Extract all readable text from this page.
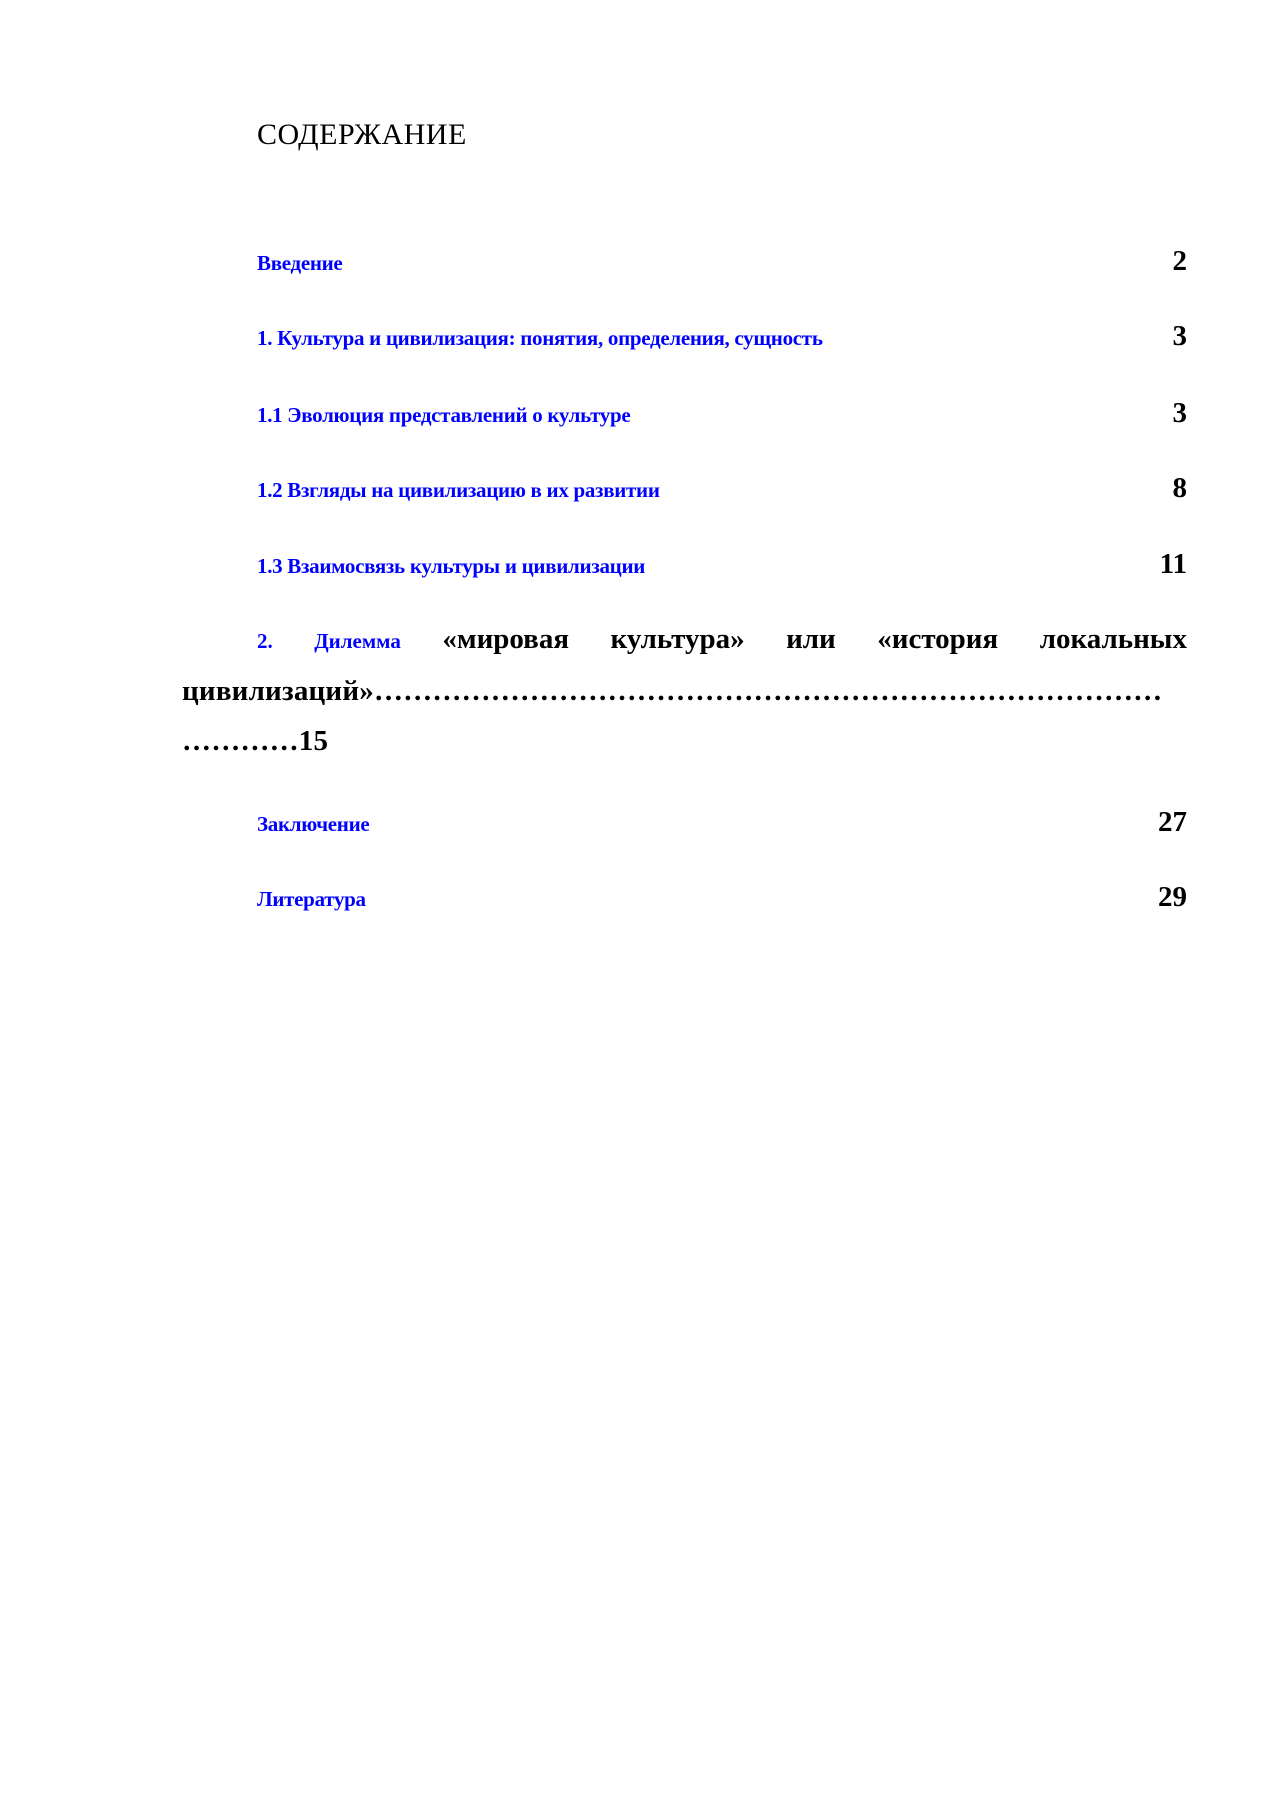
СОДЕРЖАНИЕ
Введение	2
1. Культура и цивилизация: понятия, определения, сущность	3
1.1 Эволюция представлений о культуре	3
1.2 Взгляды на цивилизацию в их развитии	8
1.3 Взаимосвязь культуры и цивилизации	11
2. Дилемма «мировая культура» или «история локальных
цивилизаций»………………………………………………………………………
…………15
Заключение	27
Литература	29
